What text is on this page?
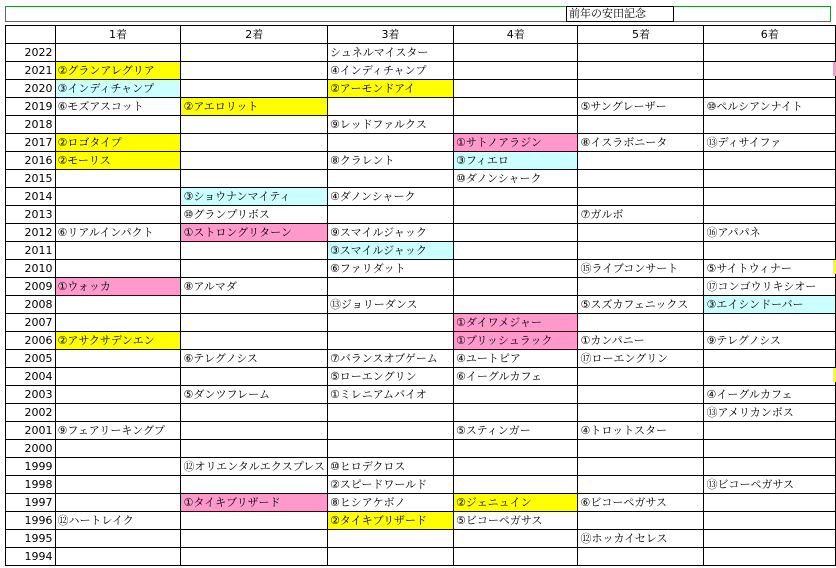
前年の安田記念
	1着	2着	3着	4着	5着	6着
2022			シュネルマイスター			
2021	②グランアレグリア		④インディチャンプ			
2020	③インディチャンプ		②アーモンドアイ			
2019	⑥モズアスコット	②アエロリット			⑤サングレーザー	⑩ペルシアンナイト
2018			⑨レッドファルクス			
2017	②ロゴタイプ			①サトノアラジン	⑧イスラボニータ	⑬ディサイファ
2016	②モーリス		⑧クラレント	③フィエロ		
2015				⑩ダノンシャーク		
2014		③ショウナンマイティ	④ダノンシャーク			
2013		⑩グランプリボス			⑦ガルボ	
2012	⑥リアルインパクト	①ストロングリターン	⑨スマイルジャック			⑯アパパネ
2011			③スマイルジャック			
2010			⑥ファリダット		⑮ライブコンサート	⑤サイトウィナー
2009	①ウォッカ	⑧アルマダ				⑰コンゴウリキシオー
2008			⑬ジョリーダンス		⑤スズカフェニックス	③エイシンドーバー
2007				①ダイワメジャー		
2006	②アサクサデンエン			①ブリッシュラック	①カンパニー	⑨テレグノシス
2005		⑥テレグノシス	⑦バランスオブゲーム	④ユートピア	⑰ローエングリン	
2004			⑤ローエングリン	⑥イーグルカフェ		
2003		⑤ダンツフレーム	①ミレニアムバイオ			④イーグルカフェ
2002						⑬アメリカンボス
2001	⑨フェアリーキングプ			⑤スティンガー	④トロットスター	
2000						
1999		⑫オリエンタルエクスプレス	⑩ヒロデクロス			
1998			②スピードワールド			⑬ビコーペガサス
1997		①タイキブリザード	⑧ヒシアケボノ	②ジェニュイン	⑥ビコーペガサス	
1996	⑫ハートレイク		②タイキブリザード	⑤ビコーペガサス		
1995					⑫ホッカイセレス	
1994						
